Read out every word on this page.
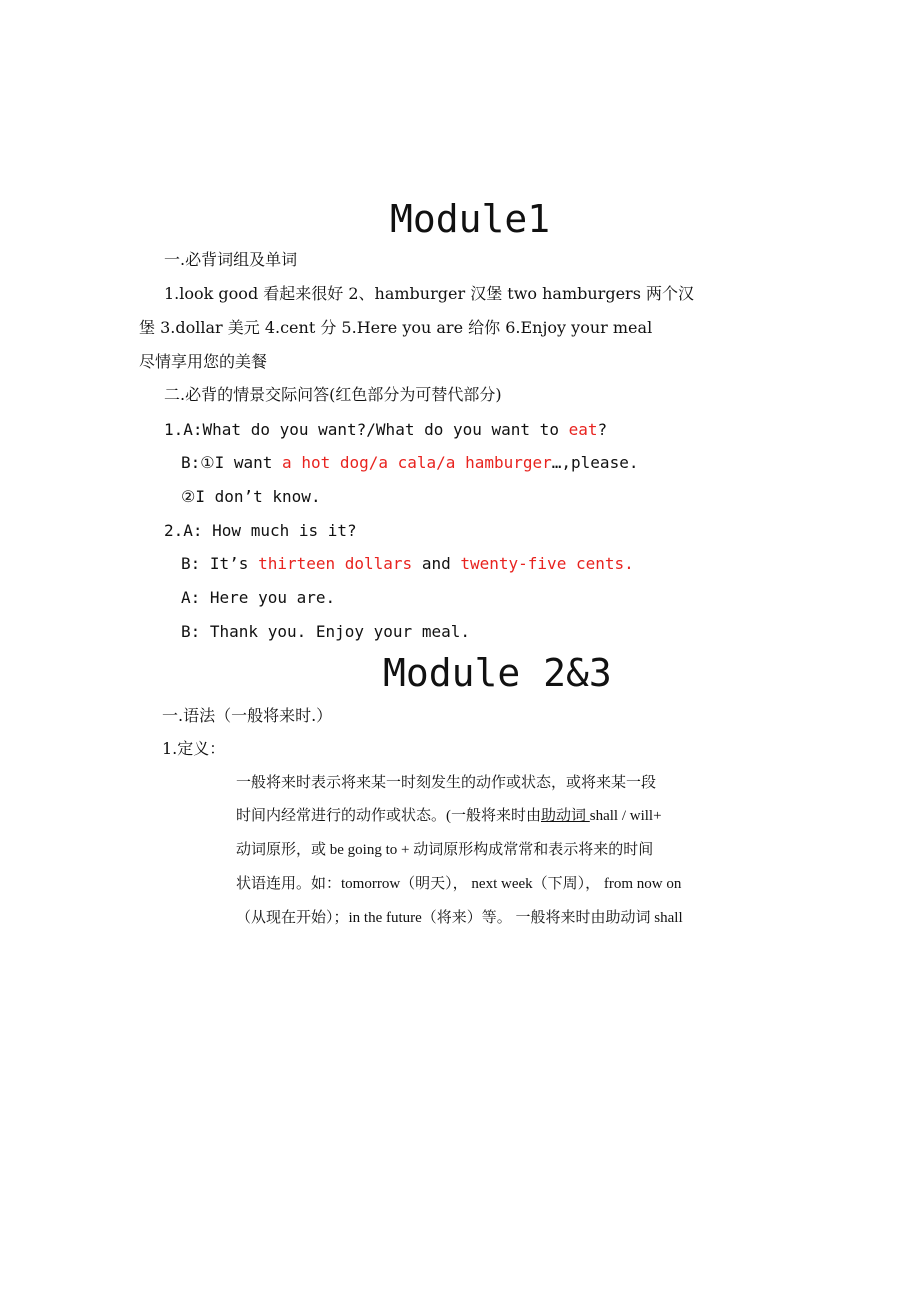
Module1
一.必背词组及单词
1.look good 看起来很好 2、hamburger 汉堡 two hamburgers 两个汉
堡 3.dollar 美元 4.cent 分 5.Here you are 给你 6.Enjoy your meal
尽情享用您的美餐
二.必背的情景交际问答(红色部分为可替代部分)
1.A:What do you want?/What do you want to eat?
B:①I want a hot dog/a cala/a hamburger…,please.
②I don’t know.
2.A: How much is it?
B: It’s thirteen dollars and twenty-five cents.
A: Here you are.
B: Thank you. Enjoy your meal.
Module 2&3
一.语法（一般将来时.）
1.定义：
一般将来时表示将来某一时刻发生的动作或状态，或将来某一段
时间内经常进行的动作或状态。(一般将来时由助动词 shall / will+
动词原形，或 be going to + 动词原形构成常常和表示将来的时间
状语连用。如：tomorrow（明天）， next week（下周）， from now on
（从现在开始）；in the future（将来）等。 一般将来时由助动词 shall
